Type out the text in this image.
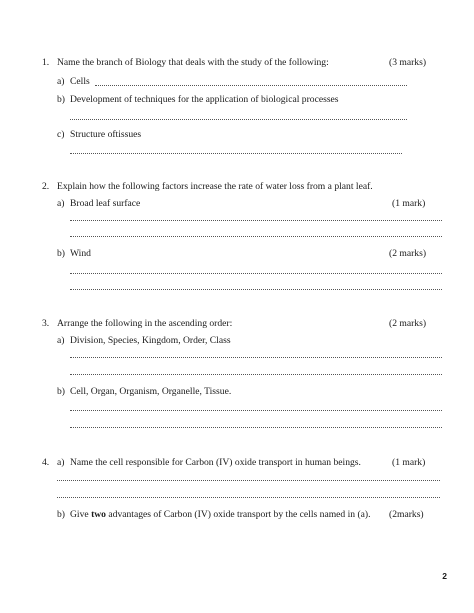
1. Name the branch of Biology that deals with the study of the following:	(3 marks)
a) Cells
b) Development of techniques for the application of biological processes
c) Structure oftissues
2. Explain how the following factors increase the rate of water loss from a plant leaf.
a) Broad leaf surface	(1 mark)
b) Wind	(2 marks)
3. Arrange the following in the ascending order:	(2 marks)
a) Division, Species, Kingdom, Order, Class
b) Cell, Organ, Organism, Organelle, Tissue.
4. a) Name the cell responsible for Carbon (IV) oxide transport in human beings.	(1 mark)
b) Give two advantages of Carbon (IV) oxide transport by the cells named in (a). (2marks)
2
